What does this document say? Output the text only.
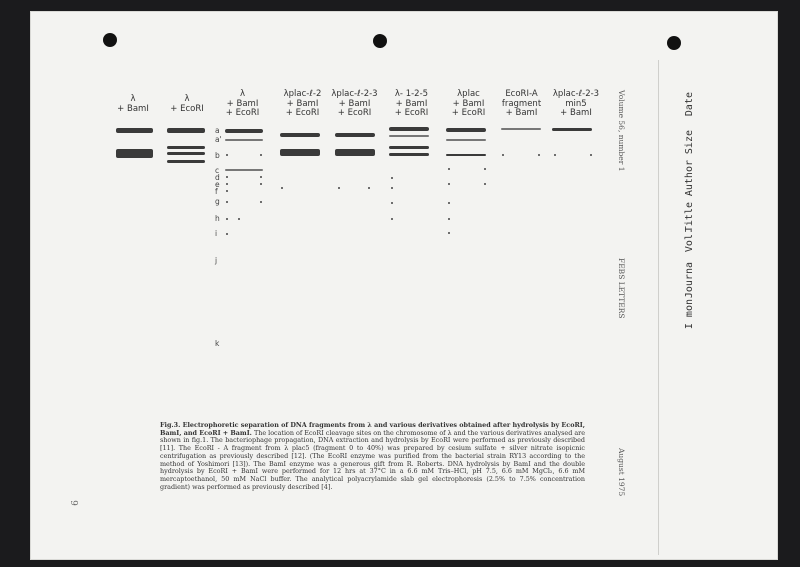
λ
+ BamI
λ
+ EcoRI
λ
+ BamI
+ EcoRI
λplac-ℓ-2
+ BamI
+ EcoRI
λplac-ℓ-2-3
+ BamI
+ EcoRI
λ- 1-2-5
+ BamI
+ EcoRI
λplac
+ BamI
+ EcoRI
EcoRI-A
fragment
+ BamI
λplac-ℓ-2-3
min5
+ BamI
a
a'
b
c
d
e
f
g
h
i
j
k
Fig.3. Electrophoretic separation of DNA fragments from λ and various derivatives obtained after hydrolysis by EcoRI, BamI, and EcoRI + BamI. The location of EcoRI cleavage sites on the chromosome of λ and the various derivatives analysed are shown in fig.1. The bacteriophage propagation, DNA extraction and hydrolysis by EcoRI were performed as previously described [11]. The EcoRI - A fragment from λ plac5 (fragment 0 to 40%) was prepared by cesium sulfate + silver nitrate isopicnic centrifugation as previously described [12]. (The EcoRI enzyme was purified from the bacterial strain RY13 according to the method of Yoshimori [13]). The BamI enzyme was a generous gift from R. Roberts. DNA hydrolysis by BamI and the double hydrolysis by EcoRI + BamI were performed for 12 hrs at 37°C in a 6.6 mM Tris–HCl, pH 7.5, 6.6 mM MgCl₂, 6.6 mM mercaptoethanol, 50 mM NaCl buffer. The analytical polyacrylamide slab gel electrophoresis (2.5% to 7.5% concentration gradient) was performed as previously described [4].
Volume 56, number 1
FEBS LETTERS
August 1975
Date
Size
Author
Title
Vol.
Journa
I mon
9
